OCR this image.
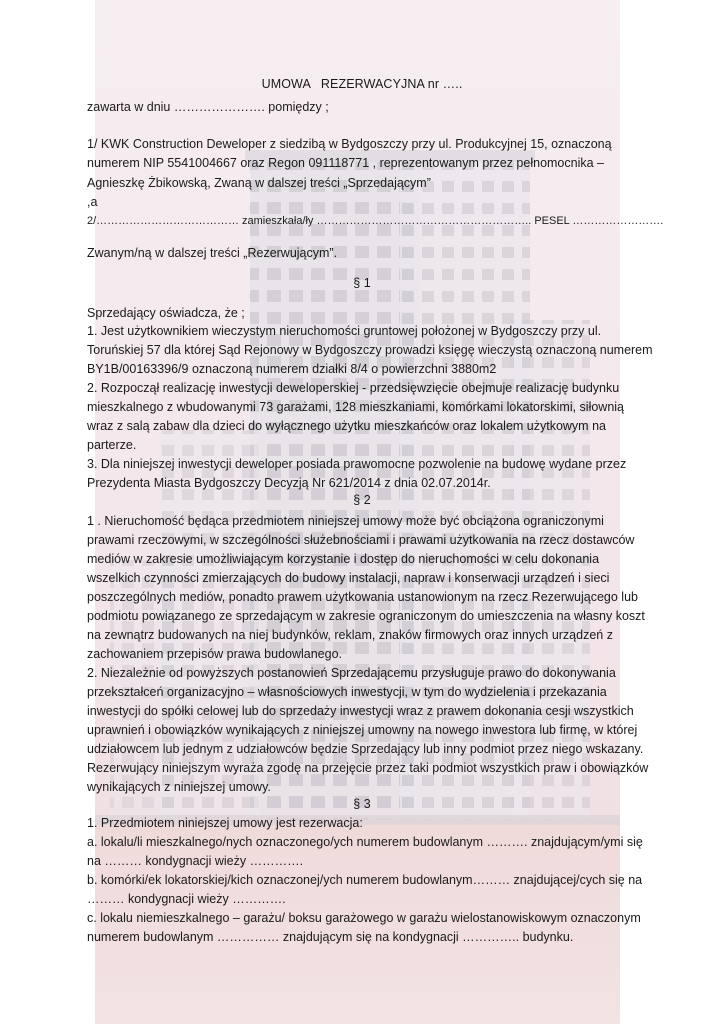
UMOWA   REZERWACYJNA nr …..
zawarta w dniu …………………. pomiędzy ;
1/ KWK Construction Deweloper z siedzibą w Bydgoszczy przy ul. Produkcyjnej 15, oznaczoną
numerem NIP 5541004667 oraz Regon 091118771 , reprezentowanym przez pełnomocnika –
Agnieszkę Żbikowską, Zwaną w dalszej treści „Sprzedającym”
,a
2/………………………………… zamieszkała/ły ………………………………………………….. PESEL …………………….
Zwanym/ną w dalszej treści „Rezerwującym”.
§ 1
Sprzedający oświadcza, że ;
1. Jest użytkownikiem wieczystym nieruchomości gruntowej położonej w Bydgoszczy przy ul.
Toruńskiej 57 dla której Sąd Rejonowy w Bydgoszczy prowadzi księgę wieczystą oznaczoną numerem
BY1B/00163396/9 oznaczoną numerem działki 8/4 o powierzchni 3880m2
2. Rozpoczął realizację inwestycji deweloperskiej - przedsięwzięcie obejmuje realizację budynku
mieszkalnego z wbudowanymi 73 garażami, 128 mieszkaniami, komórkami lokatorskimi, siłownią
wraz z salą zabaw dla dzieci do wyłącznego użytku mieszkańców oraz lokalem użytkowym na
parterze.
3. Dla niniejszej inwestycji deweloper posiada prawomocne pozwolenie na budowę wydane przez
Prezydenta Miasta Bydgoszczy Decyzją Nr 621/2014 z dnia 02.07.2014r.
§ 2
1 . Nieruchomość będąca przedmiotem niniejszej umowy może być obciążona ograniczonymi
prawami rzeczowymi, w szczególności służebnościami i prawami użytkowania na rzecz dostawców
mediów w zakresie umożliwiającym korzystanie i dostęp do nieruchomości w celu dokonania
wszelkich czynności zmierzających do budowy instalacji, napraw i konserwacji urządzeń i sieci
poszczególnych mediów, ponadto prawem użytkowania ustanowionym na rzecz Rezerwującego lub
podmiotu powiązanego ze sprzedającym w zakresie ograniczonym do umieszczenia na własny koszt
na zewnątrz budowanych na niej budynków, reklam, znaków firmowych oraz innych urządzeń z
zachowaniem przepisów prawa budowlanego.
2. Niezależnie od powyższych postanowień Sprzedającemu przysługuje prawo do dokonywania
przekształceń organizacyjno – własnościowych inwestycji, w tym do wydzielenia i przekazania
inwestycji do spółki celowej lub do sprzedaży inwestycji wraz z prawem dokonania cesji wszystkich
uprawnień i obowiązków wynikających z niniejszej umowny na nowego inwestora lub firmę, w której
udziałowcem lub jednym z udziałowców będzie Sprzedający lub inny podmiot przez niego wskazany.
Rezerwujący niniejszym wyraża zgodę na przejęcie przez taki podmiot wszystkich praw i obowiązków
wynikających z niniejszej umowy.
§ 3
1. Przedmiotem niniejszej umowy jest rezerwacja:
a. lokalu/li mieszkalnego/nych oznaczonego/ych numerem budowlanym ………. znajdującym/ymi się
na ……… kondygnacji wieży ………….
b. komórki/ek lokatorskiej/kich oznaczonej/ych numerem budowlanym……… znajdującej/cych się na
……… kondygnacji wieży ………….
c. lokalu niemieszkalnego – garażu/ boksu garażowego w garażu wielostanowiskowym oznaczonym
numerem budowlanym …………… znajdującym się na kondygnacji ………….. budynku.
